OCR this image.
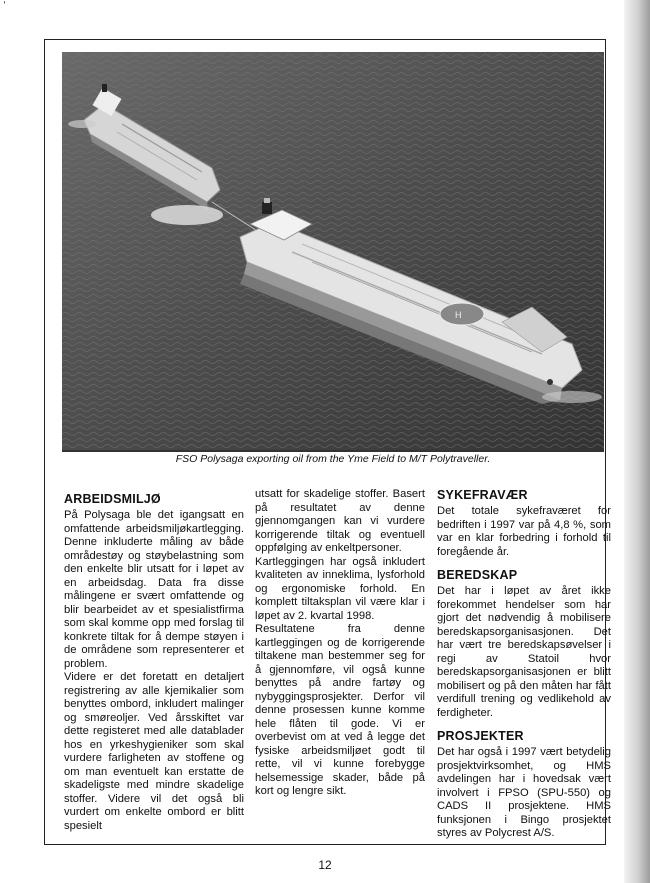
'
H
FSO Polysaga exporting oil from the Yme Field to M/T Polytraveller.
ARBEIDSMILJØ

På Polysaga ble det igangsatt en omfattende arbeidsmiljøkartlegging. Denne inkluderte måling av både områdestøy og støybelastning som den enkelte blir utsatt for i løpet av en arbeidsdag. Data fra disse målingene er svært omfattende og blir bearbeidet av et spesialistfirma som skal komme opp med forslag til konkrete tiltak for å dempe støyen i de områdene som representerer et problem.

Videre er det foretatt en detaljert registrering av alle kjemikalier som benyttes ombord, inkludert malinger og smøreoljer. Ved årsskiftet var dette registeret med alle datablader hos en yrkeshygieniker som skal vurdere farligheten av stoffene og om man eventuelt kan erstatte de skadeligste med mindre skadelige stoffer. Videre vil det også bli vurdert om enkelte ombord er blitt spesielt

utsatt for skadelige stoffer. Basert på resultatet av denne gjennomgangen kan vi vurdere korrigerende tiltak og eventuell oppfølging av enkeltpersoner.

Kartleggingen har også inkludert kvaliteten av inneklima, lysforhold og ergonomiske forhold. En komplett tiltaksplan vil være klar i løpet av 2. kvartal 1998.

Resultatene fra denne kartleggingen og de korrigerende tiltakene man bestemmer seg for å gjennomføre, vil også kunne benyttes på andre fartøy og nybyggingsprosjekter. Derfor vil denne prosessen kunne komme hele flåten til gode. Vi er overbevist om at ved å legge det fysiske arbeidsmiljøet godt til rette, vil vi kunne forebygge helsemessige skader, både på kort og lengre sikt.

SYKEFRAVÆR

Det totale sykefraværet for bedriften i 1997 var på 4,8 %, som var en klar forbedring i forhold til foregående år.

BEREDSKAP

Det har i løpet av året ikke forekommet hendelser som har gjort det nødvendig å mobilisere beredskapsorganisasjonen. Det har vært tre beredskapsøvelser i regi av Statoil hvor beredskapsorganisasjonen er blitt mobilisert og på den måten har fått verdifull trening og vedlikehold av ferdigheter.

PROSJEKTER

Det har også i 1997 vært betydelig prosjektvirksomhet, og HMS avdelingen har i hovedsak vært involvert i FPSO (SPU-550) og CADS II prosjektene. HMS funksjonen i Bingo prosjektet styres av Polycrest A/S.

12
